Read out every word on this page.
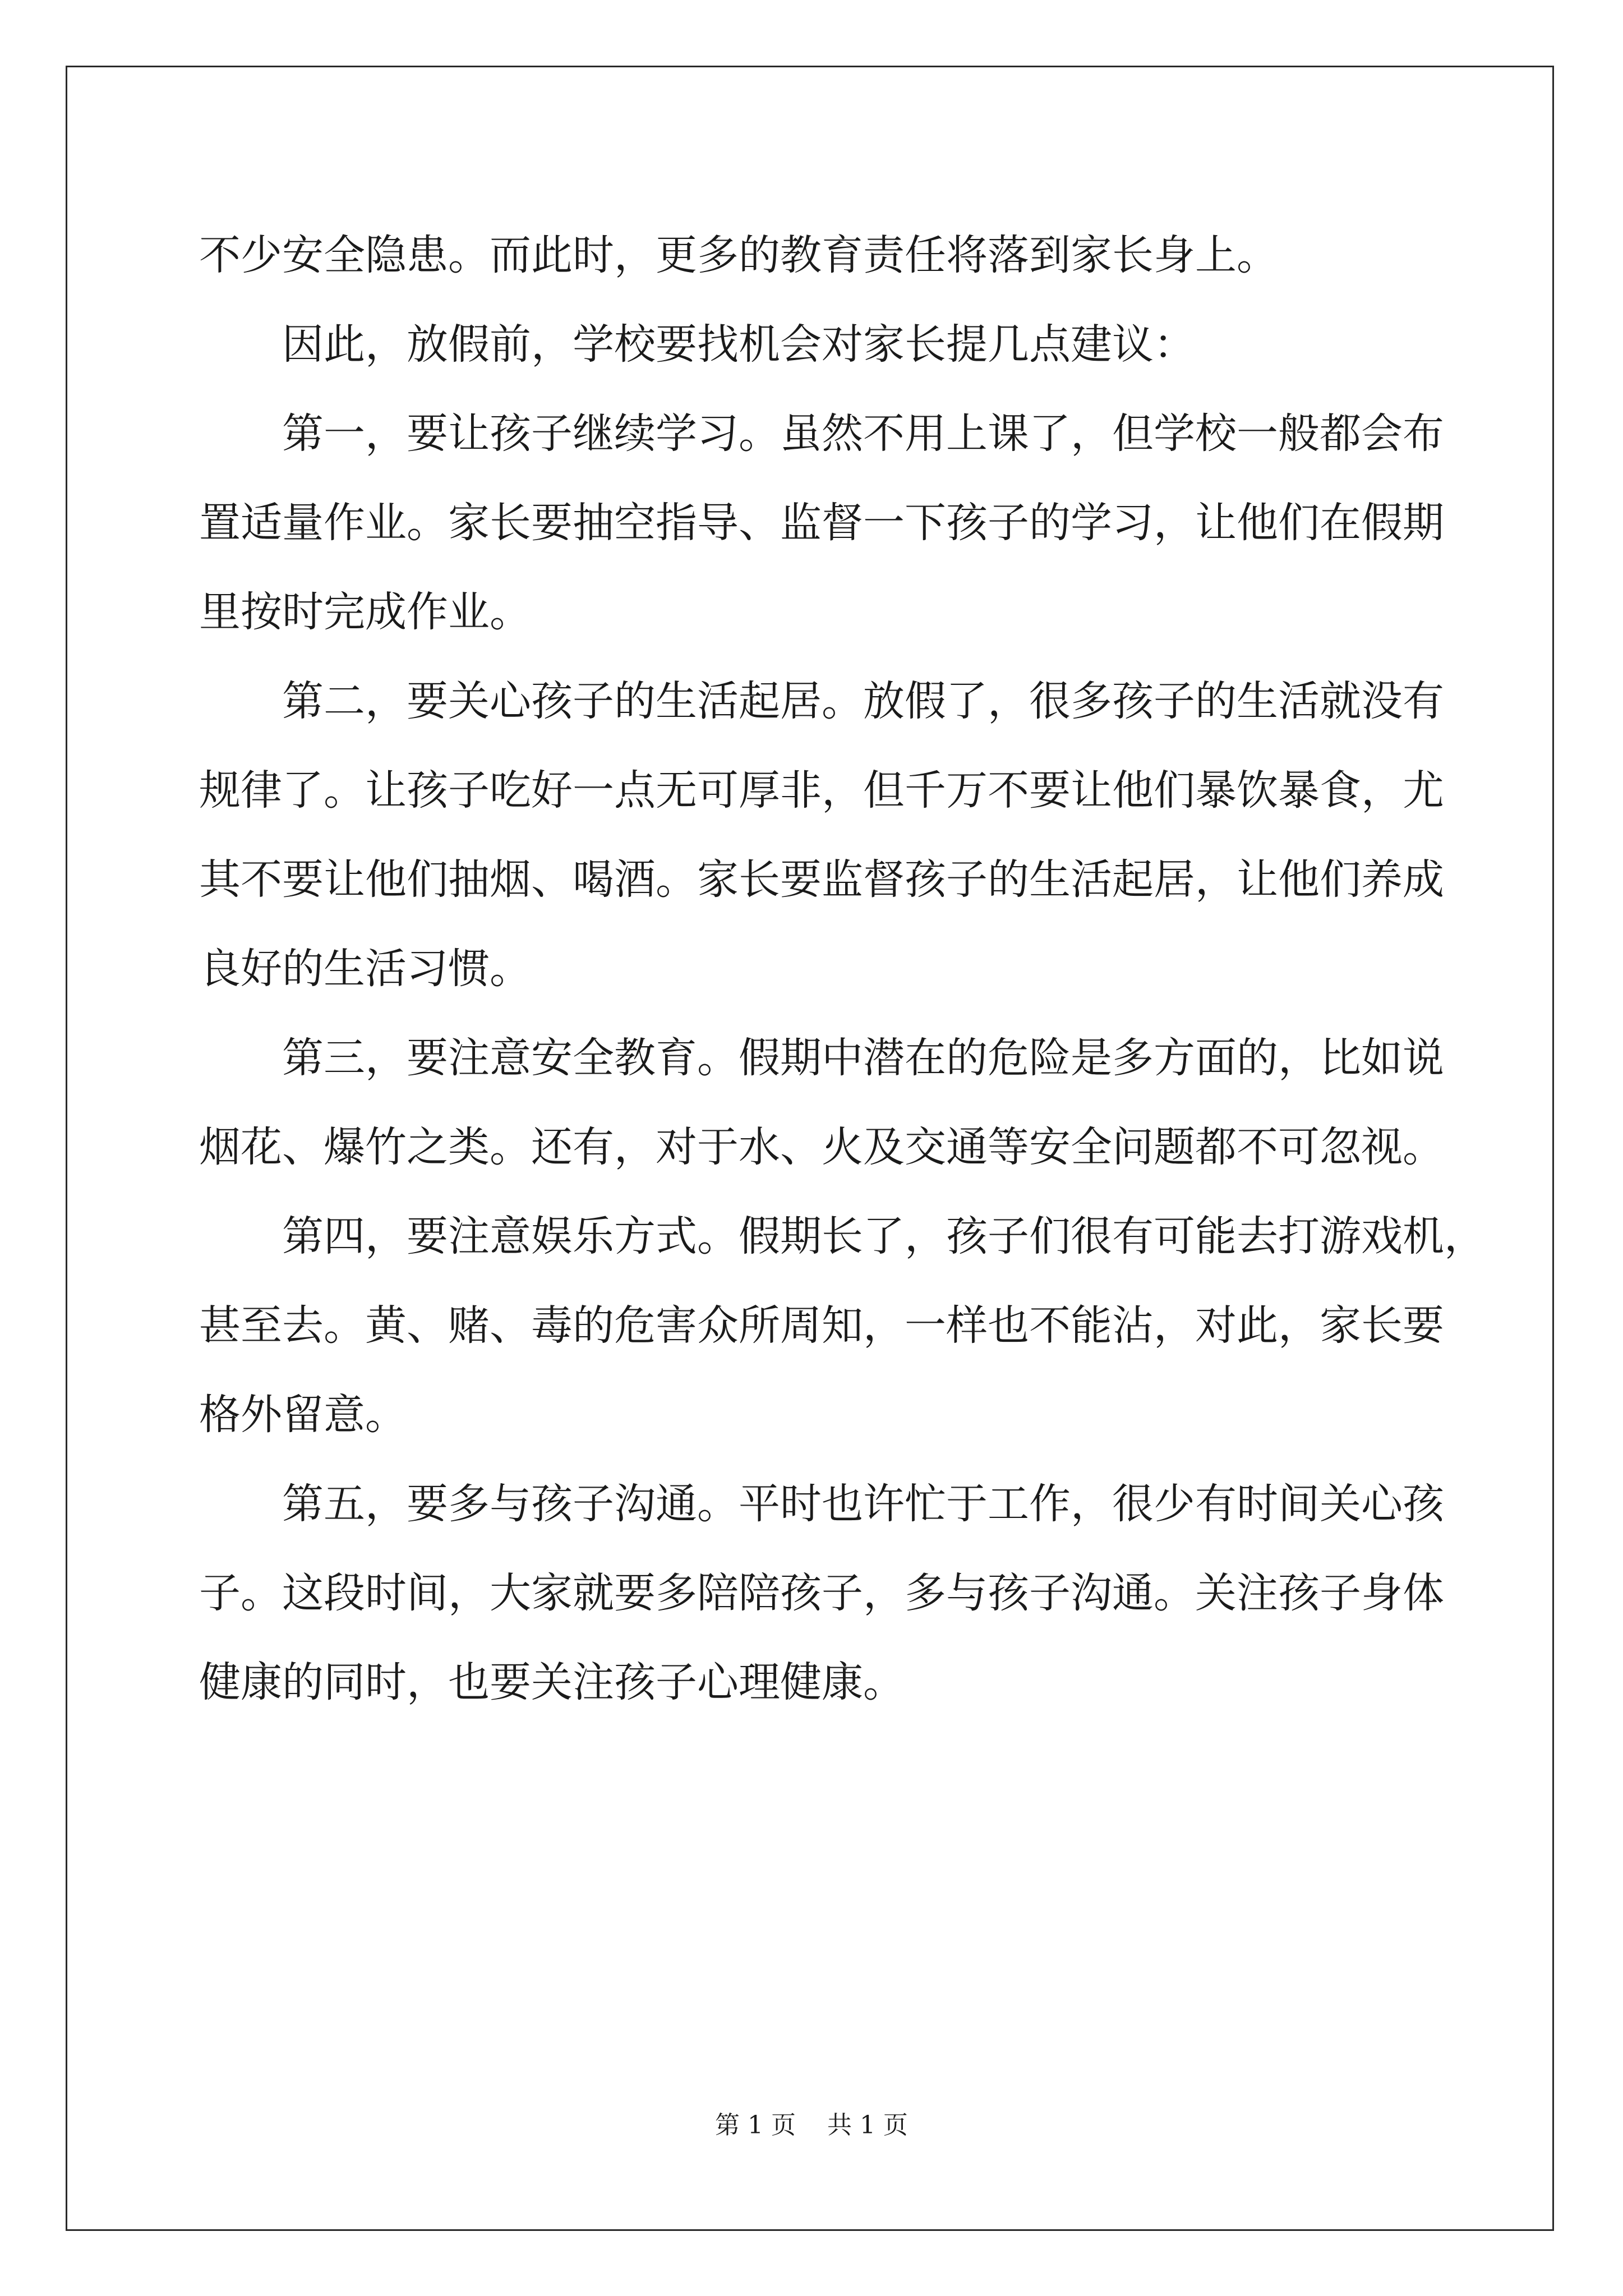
不少安全隐患。而此时，更多的教育责任将落到家长身上。
因此，放假前，学校要找机会对家长提几点建议：
第一，要让孩子继续学习。虽然不用上课了，但学校一般都会布
置适量作业。家长要抽空指导、监督一下孩子的学习，让他们在假期
里按时完成作业。
第二，要关心孩子的生活起居。放假了，很多孩子的生活就没有
规律了。让孩子吃好一点无可厚非，但千万不要让他们暴饮暴食，尤
其不要让他们抽烟、喝酒。家长要监督孩子的生活起居，让他们养成
良好的生活习惯。
第三，要注意安全教育。假期中潜在的危险是多方面的，比如说
烟花、爆竹之类。还有，对于水、火及交通等安全问题都不可忽视。
第四，要注意娱乐方式。假期长了，孩子们很有可能去打游戏机，
甚至去。黄、赌、毒的危害众所周知，一样也不能沾，对此，家长要
格外留意。
第五，要多与孩子沟通。平时也许忙于工作，很少有时间关心孩
子。这段时间，大家就要多陪陪孩子，多与孩子沟通。关注孩子身体
健康的同时，也要关注孩子心理健康。
第 1 页    共 1 页
